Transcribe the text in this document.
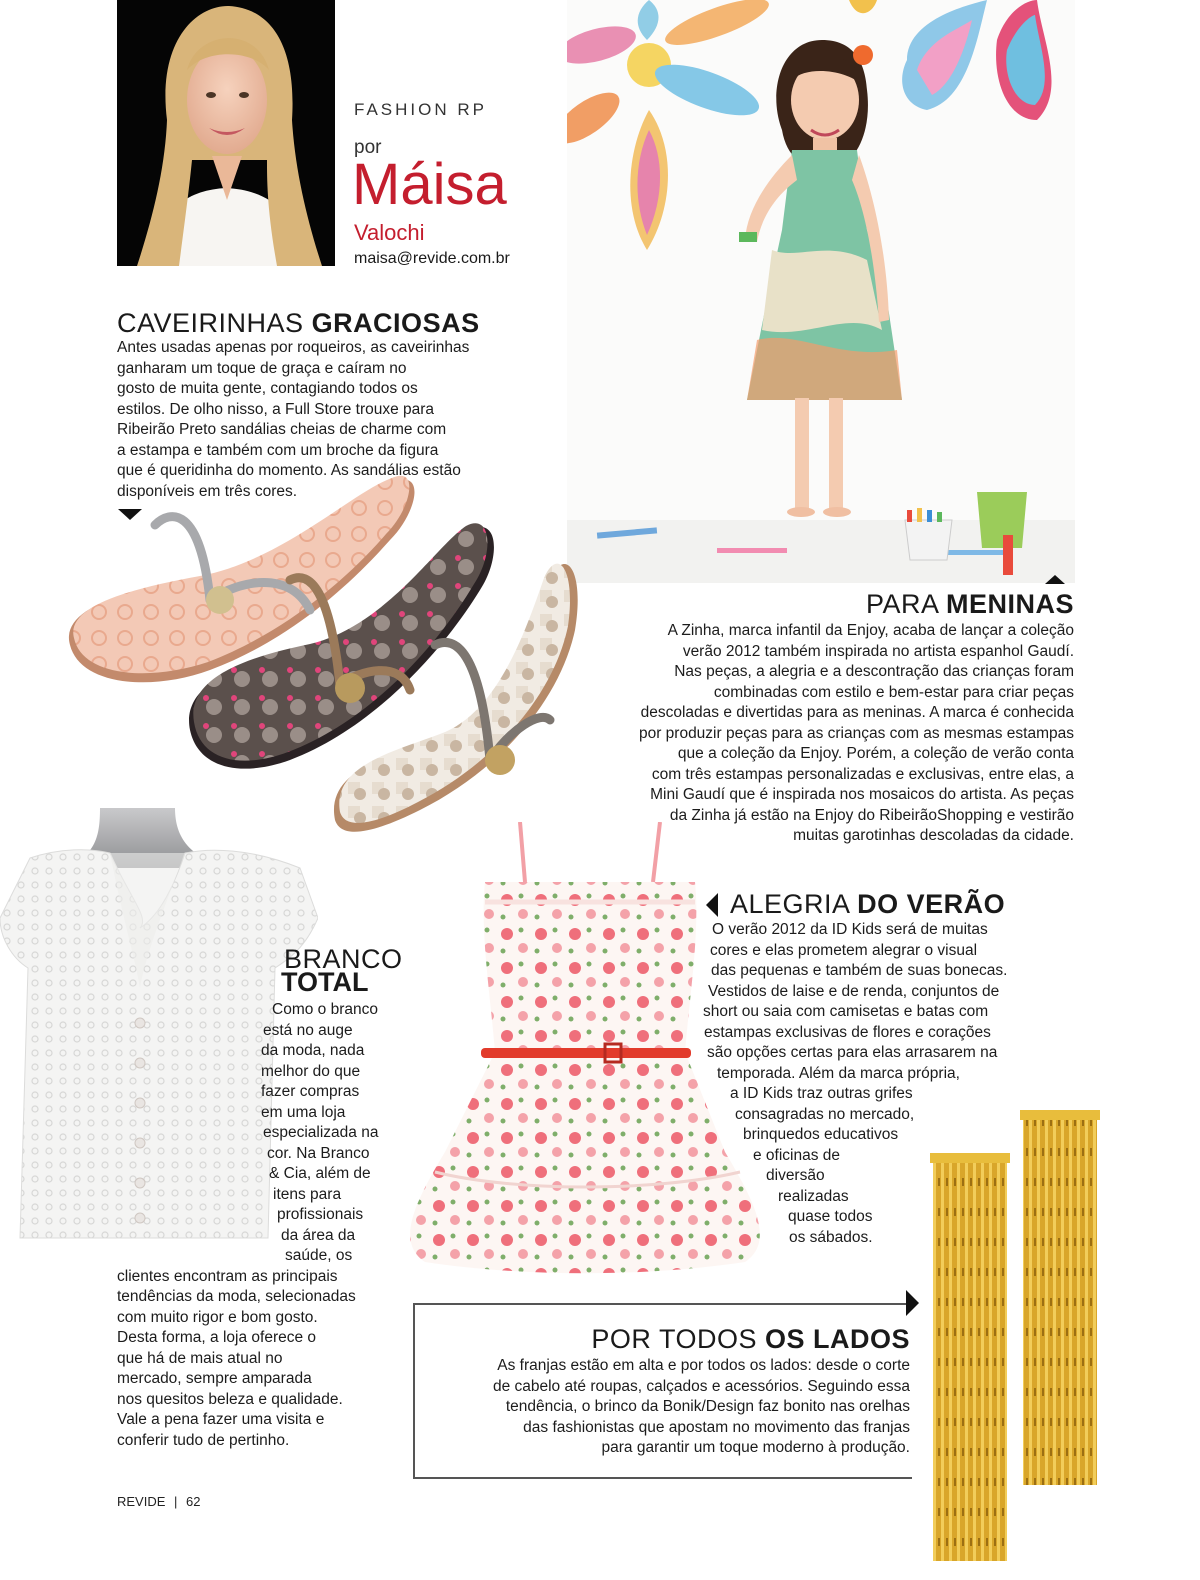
FASHION RP
por
Máisa
Valochi
maisa@revide.com.br
CAVEIRINHAS GRACIOSAS
Antes usadas apenas por roqueiros, as caveirinhas
ganharam um toque de graça e caíram no
gosto de muita gente, contagiando todos os
estilos. De olho nisso, a Full Store trouxe para
Ribeirão Preto sandálias cheias de charme com
a estampa e também com um broche da figura
que é queridinha do momento. As sandálias estão
disponíveis em três cores.
PARA MENINAS
A Zinha, marca infantil da Enjoy, acaba de lançar a coleção
verão 2012 também inspirada no artista espanhol Gaudí.
Nas peças, a alegria e a descontração das crianças foram
combinadas com estilo e bem-estar para criar peças
descoladas e divertidas para as meninas. A marca é conhecida
por produzir peças para as crianças com as mesmas estampas
que a coleção da Enjoy. Porém, a coleção de verão conta
com três estampas personalizadas e exclusivas, entre elas, a
Mini Gaudí que é inspirada nos mosaicos do artista. As peças
da Zinha já estão na Enjoy do RibeirãoShopping e vestirão
muitas garotinhas descoladas da cidade.
BRANCO
TOTAL
Como o branco
está no auge
da moda, nada
melhor do que
fazer compras
em uma loja
especializada na
cor. Na Branco
& Cia, além de
itens para
profissionais
da área da
saúde, os
clientes encontram as principais
tendências da moda, selecionadas
com muito rigor e bom gosto.
Desta forma, a loja oferece o
que há de mais atual no
mercado, sempre amparada
nos quesitos beleza e qualidade.
Vale a pena fazer uma visita e
conferir tudo de pertinho.
ALEGRIA DO VERÃO
O verão 2012 da ID Kids será de muitas
cores e elas prometem alegrar o visual
das pequenas e também de suas bonecas.
Vestidos de laise e de renda, conjuntos de
short ou saia com camisetas e batas com
estampas exclusivas de flores e corações
são opções certas para elas arrasarem na
temporada. Além da marca própria,
a ID Kids traz outras grifes
consagradas no mercado,
brinquedos educativos
e oficinas de
diversão
realizadas
quase todos
os sábados.
POR TODOS OS LADOS
As franjas estão em alta e por todos os lados: desde o corte
de cabelo até roupas, calçados e acessórios. Seguindo essa
tendência, o brinco da Bonik/Design faz bonito nas orelhas
das fashionistas que apostam no movimento das franjas
para garantir um toque moderno à produção.
REVIDE | 62
